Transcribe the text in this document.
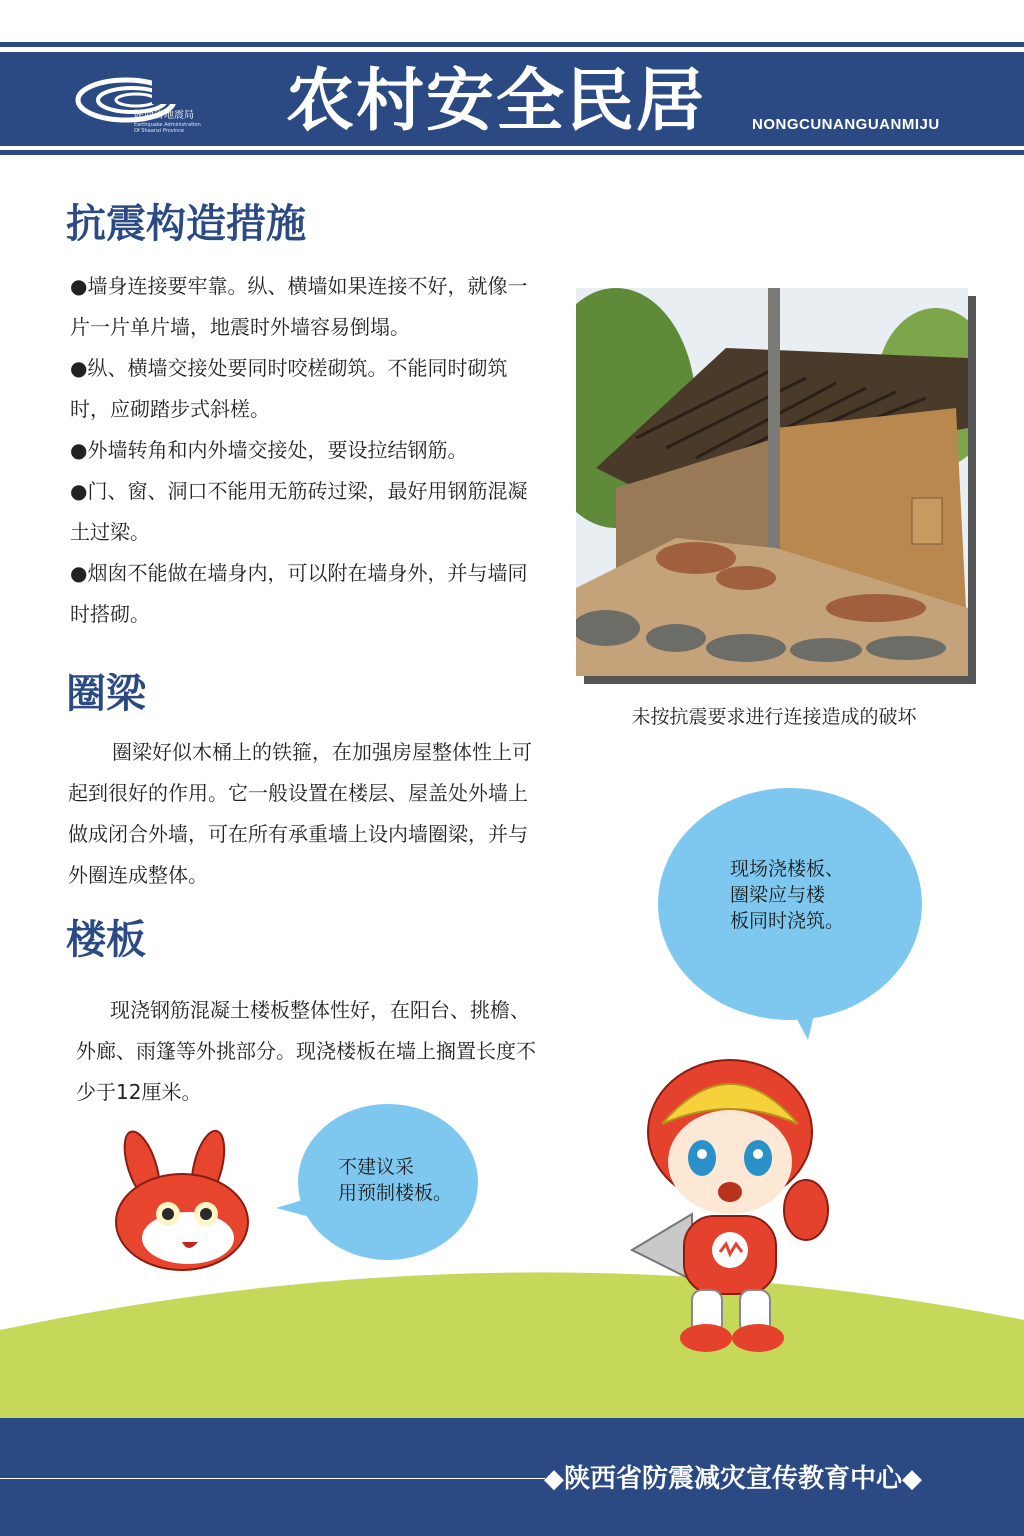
陕西省地震局
Earthquake Administration Of Shaanxi Province 农村安全民居	NONGCUNANGUANMIJU
抗震构造措施
●墙身连接要牢靠。纵、横墙如果连接不好，就像一片一片单片墙，地震时外墙容易倒塌。
●纵、横墙交接处要同时咬槎砌筑。不能同时砌筑时，应砌踏步式斜槎。
●外墙转角和内外墙交接处，要设拉结钢筋。
●门、窗、洞口不能用无筋砖过梁，最好用钢筋混凝土过梁。
●烟囱不能做在墙身内，可以附在墙身外，并与墙同时搭砌。
未按抗震要求进行连接造成的破坏
圈梁
圈梁好似木桶上的铁箍，在加强房屋整体性上可起到很好的作用。它一般设置在楼层、屋盖处外墙上做成闭合外墙，可在所有承重墙上设内墙圈梁，并与外圈连成整体。
楼板
现浇钢筋混凝土楼板整体性好，在阳台、挑檐、外廊、雨篷等外挑部分。现浇楼板在墙上搁置长度不少于12厘米。
现场浇楼板、
圈梁应与楼
板同时浇筑。
不建议采
用预制楼板。
◆陕西省防震减灾宣传教育中心◆
